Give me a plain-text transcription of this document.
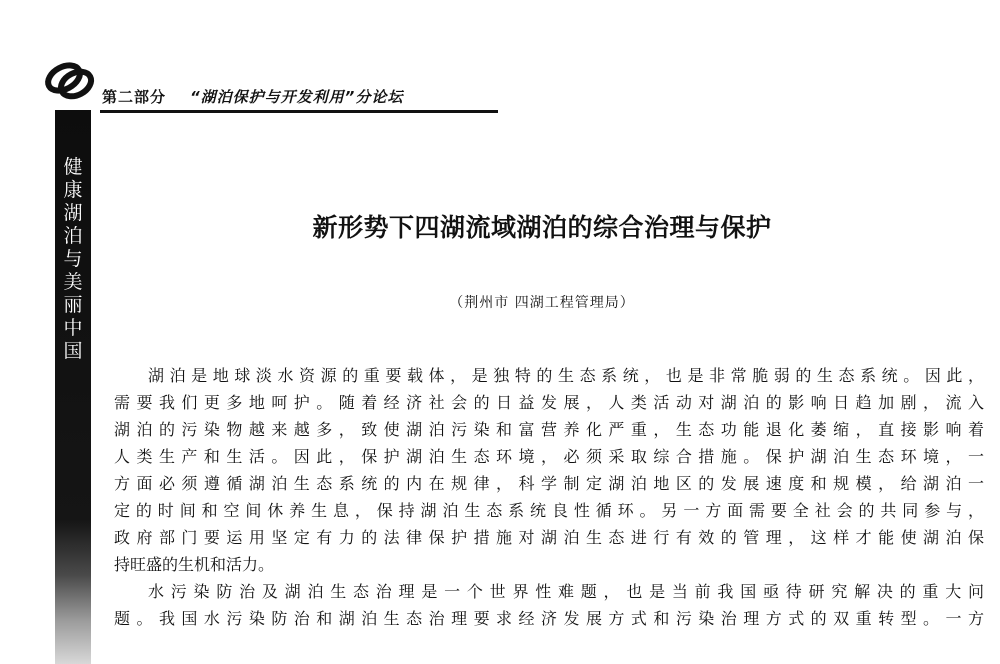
第二部分 “湖泊保护与开发利用”分论坛
健
康
湖
泊
与
美
丽
中
国
新形势下四湖流域湖泊的综合治理与保护
（荆州市 四湖工程管理局）
湖泊是地球淡水资源的重要载体，是独特的生态系统，也是非常脆弱的生态系统。因此，
需要我们更多地呵护。随着经济社会的日益发展，人类活动对湖泊的影响日趋加剧，流入
湖泊的污染物越来越多，致使湖泊污染和富营养化严重，生态功能退化萎缩，直接影响着
人类生产和生活。因此，保护湖泊生态环境，必须采取综合措施。保护湖泊生态环境，一
方面必须遵循湖泊生态系统的内在规律，科学制定湖泊地区的发展速度和规模，给湖泊一
定的时间和空间休养生息，保持湖泊生态系统良性循环。另一方面需要全社会的共同参与，
政府部门要运用坚定有力的法律保护措施对湖泊生态进行有效的管理，这样才能使湖泊保
持旺盛的生机和活力。
水污染防治及湖泊生态治理是一个世界性难题，也是当前我国亟待研究解决的重大问
题。我国水污染防治和湖泊生态治理要求经济发展方式和污染治理方式的双重转型。一方
